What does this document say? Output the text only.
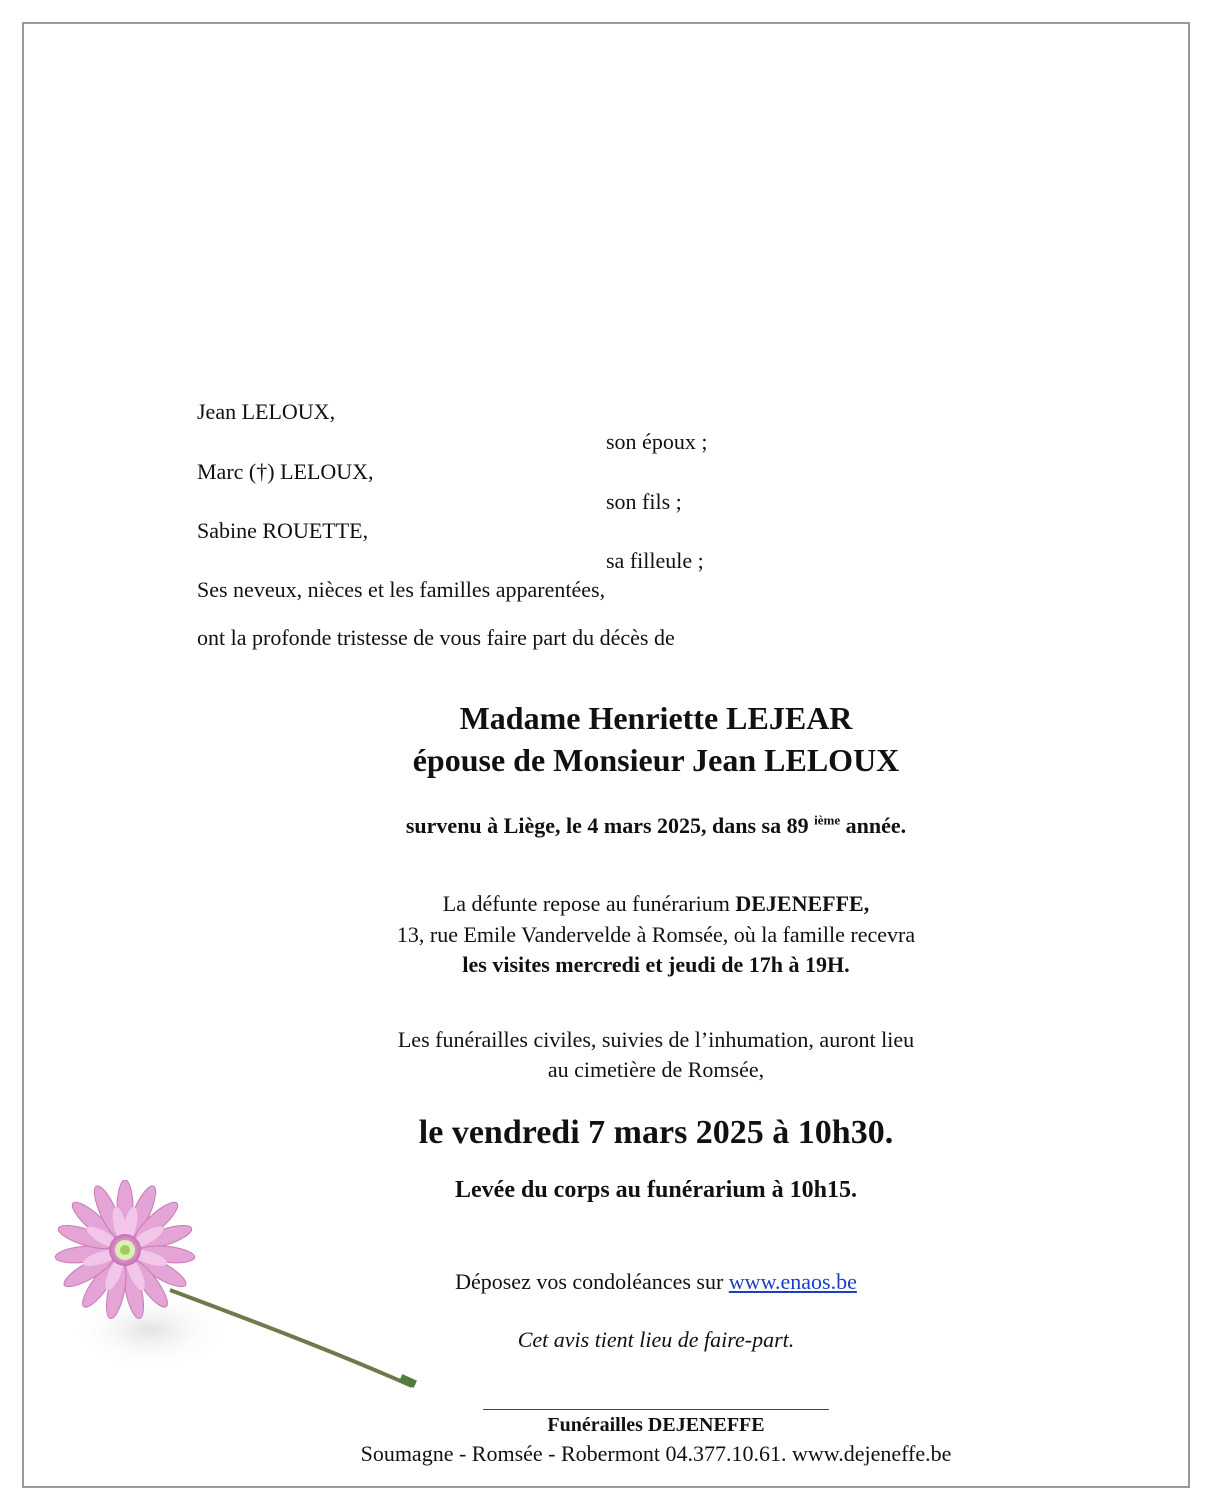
Jean LELOUX,
son époux ;
Marc (†) LELOUX,
son fils ;
Sabine ROUETTE,
sa filleule ;
Ses neveux, nièces et les familles apparentées,
ont la profonde tristesse de vous faire part du décès de
Madame Henriette LEJEAR
épouse de Monsieur Jean LELOUX
survenu à Liège, le 4 mars 2025, dans sa 89 $^{ième}$ année.
La défunte repose au funérarium DEJENEFFE,
13, rue Emile Vandervelde à Romsée, où la famille recevra
les visites mercredi et jeudi de 17h à 19H.
Les funérailles civiles, suivies de l’inhumation, auront lieu
au cimetière de Romsée,
le vendredi 7 mars 2025 à 10h30.
Levée du corps au funérarium à 10h15.
Déposez vos condoléances sur www.enaos.be
Cet avis tient lieu de faire-part.
Funérailles DEJENEFFE
Soumagne - Romsée - Robermont 04.377.10.61. www.dejeneffe.be
